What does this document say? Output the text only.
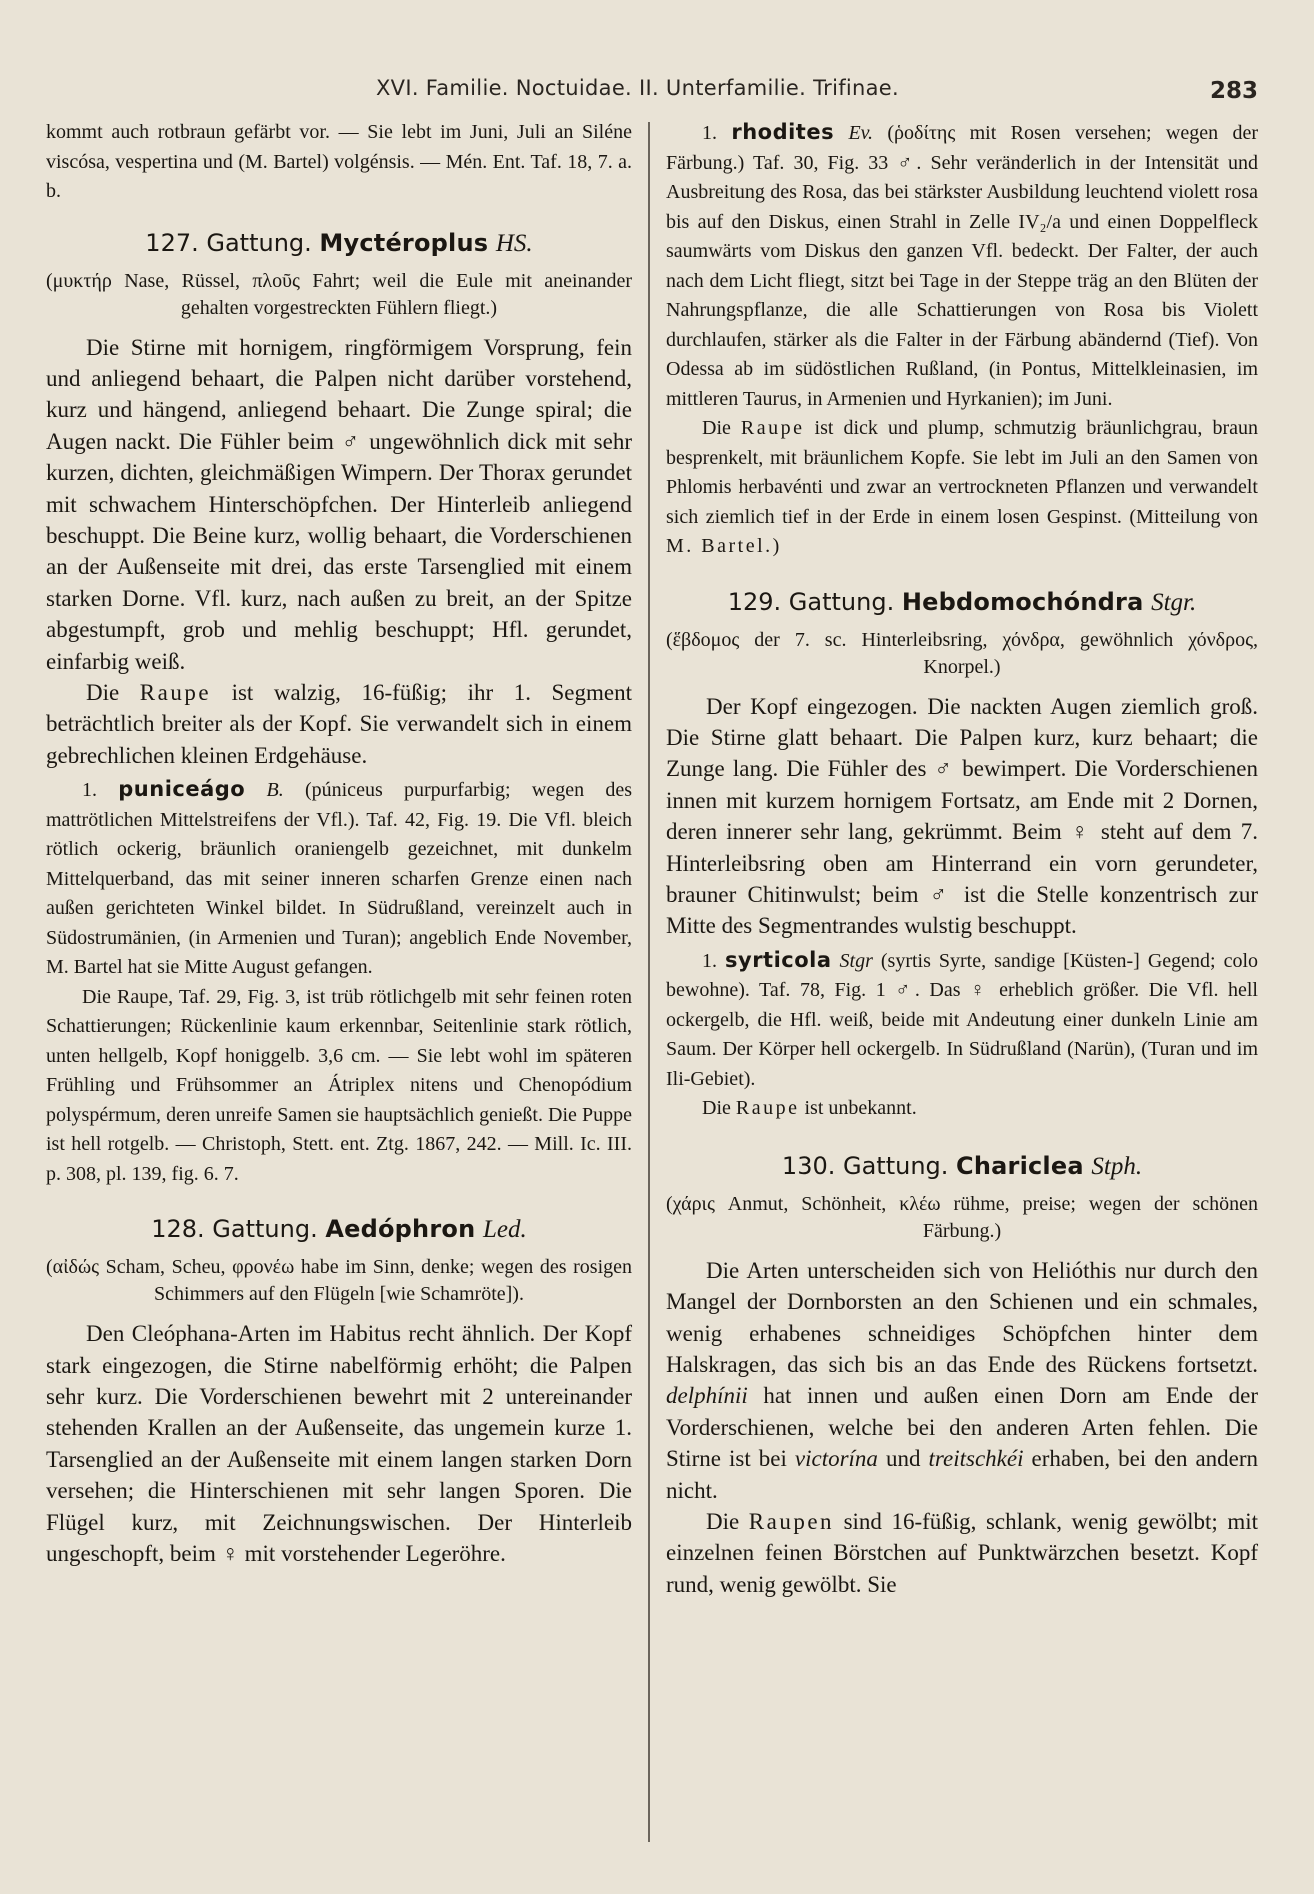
XVI. Familie. Noctuidae. II. Unterfamilie. Trifinae.	283

kommt auch rotbraun gefärbt vor. — Sie lebt im Juni, Juli an Siléne viscósa, vespertina und (M. Bartel) volgénsis. — Mén. Ent. Taf. 18, 7. a. b.

127. Gattung. Myctéroplus HS.

(μυκτήρ Nase, Rüssel, πλοῦς Fahrt; weil die Eule mit aneinander gehalten vorgestreckten Fühlern fliegt.)

Die Stirne mit hornigem, ringförmigem Vorsprung, fein und anliegend behaart, die Palpen nicht darüber vorstehend, kurz und hängend, anliegend behaart. Die Zunge spiral; die Augen nackt. Die Fühler beim ♂ ungewöhnlich dick mit sehr kurzen, dichten, gleichmäßigen Wimpern. Der Thorax gerundet mit schwachem Hinterschöpfchen. Der Hinterleib anliegend beschuppt. Die Beine kurz, wollig behaart, die Vorderschienen an der Außenseite mit drei, das erste Tarsenglied mit einem starken Dorne. Vfl. kurz, nach außen zu breit, an der Spitze abgestumpft, grob und mehlig beschuppt; Hfl. gerundet, einfarbig weiß.

Die Raupe ist walzig, 16-füßig; ihr 1. Segment beträchtlich breiter als der Kopf. Sie verwandelt sich in einem gebrechlichen kleinen Erdgehäuse.

1. puniceágo B. (púniceus purpurfarbig; wegen des mattrötlichen Mittelstreifens der Vfl.). Taf. 42, Fig. 19. Die Vfl. bleich rötlich ockerig, bräunlich oraniengelb gezeichnet, mit dunkelm Mittelquerband, das mit seiner inneren scharfen Grenze einen nach außen gerichteten Winkel bildet. In Südrußland, vereinzelt auch in Südostrumänien, (in Armenien und Turan); angeblich Ende November, M. Bartel hat sie Mitte August gefangen.

Die Raupe, Taf. 29, Fig. 3, ist trüb rötlichgelb mit sehr feinen roten Schattierungen; Rückenlinie kaum erkennbar, Seitenlinie stark rötlich, unten hellgelb, Kopf honiggelb. 3,6 cm. — Sie lebt wohl im späteren Frühling und Frühsommer an Átriplex nitens und Chenopódium polyspérmum, deren unreife Samen sie hauptsächlich genießt. Die Puppe ist hell rotgelb. — Christoph, Stett. ent. Ztg. 1867, 242. — Mill. Ic. III. p. 308, pl. 139, fig. 6. 7.

128. Gattung. Aedóphron Led.

(αἰδώς Scham, Scheu, φρονέω habe im Sinn, denke; wegen des rosigen Schimmers auf den Flügeln [wie Schamröte]).

Den Cleóphana-Arten im Habitus recht ähnlich. Der Kopf stark eingezogen, die Stirne nabelförmig erhöht; die Palpen sehr kurz. Die Vorderschienen bewehrt mit 2 untereinander stehenden Krallen an der Außenseite, das ungemein kurze 1. Tarsenglied an der Außenseite mit einem langen starken Dorn versehen; die Hinterschienen mit sehr langen Sporen. Die Flügel kurz, mit Zeichnungswischen. Der Hinterleib ungeschopft, beim ♀ mit vorstehender Legeröhre.

1. rhodites Ev. (ῥοδίτης mit Rosen versehen; wegen der Färbung.) Taf. 30, Fig. 33 ♂. Sehr veränderlich in der Intensität und Ausbreitung des Rosa, das bei stärkster Ausbildung leuchtend violett rosa bis auf den Diskus, einen Strahl in Zelle IV₂/a und einen Doppelfleck saumwärts vom Diskus den ganzen Vfl. bedeckt. Der Falter, der auch nach dem Licht fliegt, sitzt bei Tage in der Steppe träg an den Blüten der Nahrungspflanze, die alle Schattierungen von Rosa bis Violett durchlaufen, stärker als die Falter in der Färbung abändernd (Tief). Von Odessa ab im südöstlichen Rußland, (in Pontus, Mittelkleinasien, im mittleren Taurus, in Armenien und Hyrkanien); im Juni.

Die Raupe ist dick und plump, schmutzig bräunlichgrau, braun besprenkelt, mit bräunlichem Kopfe. Sie lebt im Juli an den Samen von Phlomis herbavénti und zwar an vertrockneten Pflanzen und verwandelt sich ziemlich tief in der Erde in einem losen Gespinst. (Mitteilung von M. Bartel.)

129. Gattung. Hebdomochóndra Stgr.

(ἕβδομος der 7. sc. Hinterleibsring, χόνδρα, gewöhnlich χόνδρος, Knorpel.)

Der Kopf eingezogen. Die nackten Augen ziemlich groß. Die Stirne glatt behaart. Die Palpen kurz, kurz behaart; die Zunge lang. Die Fühler des ♂ bewimpert. Die Vorderschienen innen mit kurzem hornigem Fortsatz, am Ende mit 2 Dornen, deren innerer sehr lang, gekrümmt. Beim ♀ steht auf dem 7. Hinterleibsring oben am Hinterrand ein vorn gerundeter, brauner Chitinwulst; beim ♂ ist die Stelle konzentrisch zur Mitte des Segmentrandes wulstig beschuppt.

1. syrticola Stgr (syrtis Syrte, sandige [Küsten-] Gegend; colo bewohne). Taf. 78, Fig. 1 ♂. Das ♀ erheblich größer. Die Vfl. hell ockergelb, die Hfl. weiß, beide mit Andeutung einer dunkeln Linie am Saum. Der Körper hell ockergelb. In Südrußland (Narün), (Turan und im Ili-Gebiet).

Die Raupe ist unbekannt.

130. Gattung. Chariclea Stph.

(χάρις Anmut, Schönheit, κλέω rühme, preise; wegen der schönen Färbung.)

Die Arten unterscheiden sich von Helióthis nur durch den Mangel der Dornborsten an den Schienen und ein schmales, wenig erhabenes schneidiges Schöpfchen hinter dem Halskragen, das sich bis an das Ende des Rückens fortsetzt. delphínii hat innen und außen einen Dorn am Ende der Vorderschienen, welche bei den anderen Arten fehlen. Die Stirne ist bei victorína und treitschkéi erhaben, bei den andern nicht.

Die Raupen sind 16-füßig, schlank, wenig gewölbt; mit einzelnen feinen Börstchen auf Punktwärzchen besetzt. Kopf rund, wenig gewölbt. Sie
